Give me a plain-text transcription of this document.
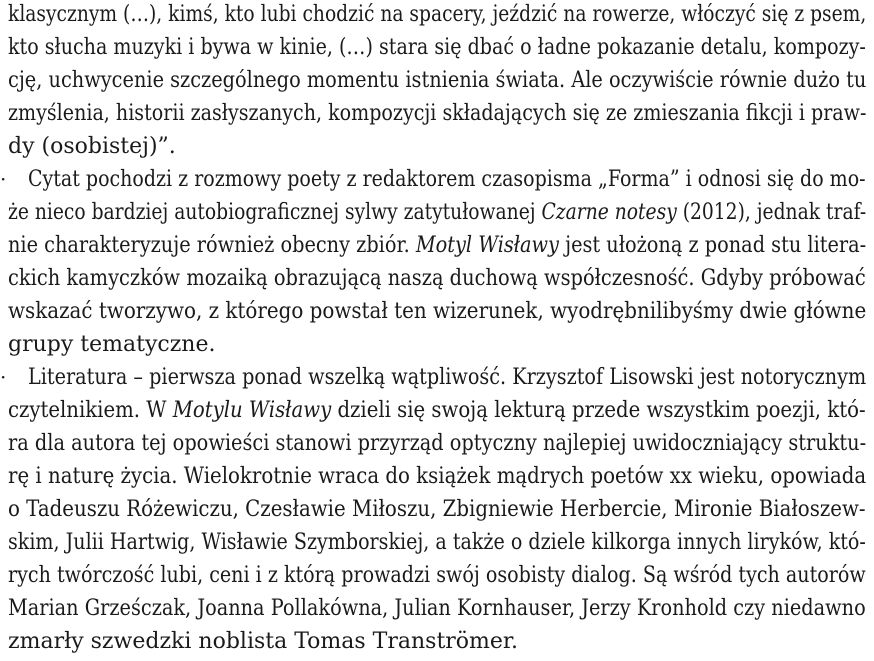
klasycznym (…), kimś, kto lubi chodzić na spacery, jeździć na rowerze, włóczyć się z psem,
kto słucha muzyki i bywa w kinie, (…) stara się dbać o ładne pokazanie detalu, kompozy-
cję, uchwycenie szczególnego momentu istnienia świata. Ale oczywiście równie dużo tu
zmyślenia, historii zasłyszanych, kompozycji składających się ze zmieszania fikcji i praw-
dy (osobistej)”.
· Cytat pochodzi z rozmowy poety z redaktorem czasopisma „Forma” i odnosi się do mo-
że nieco bardziej autobiograficznej sylwy zatytułowanej Czarne notesy (2012), jednak traf-
nie charakteryzuje również obecny zbiór. Motyl Wisławy jest ułożoną z ponad stu litera-
ckich kamyczków mozaiką obrazującą naszą duchową współczesność. Gdyby próbować
wskazać tworzywo, z którego powstał ten wizerunek, wyodrębnilibyśmy dwie główne
grupy tematyczne.
· Literatura – pierwsza ponad wszelką wątpliwość. Krzysztof Lisowski jest notorycznym
czytelnikiem. W Motylu Wisławy dzieli się swoją lekturą przede wszystkim poezji, któ-
ra dla autora tej opowieści stanowi przyrząd optyczny najlepiej uwidoczniający struktu-
rę i naturę życia. Wielokrotnie wraca do książek mądrych poetów xx wieku, opowiada
o Tadeuszu Różewiczu, Czesławie Miłoszu, Zbigniewie Herbercie, Mironie Białoszew-
skim, Julii Hartwig, Wisławie Szymborskiej, a także o dziele kilkorga innych liryków, któ-
rych twórczość lubi, ceni i z którą prowadzi swój osobisty dialog. Są wśród tych autorów
Marian Grześczak, Joanna Pollakówna, Julian Kornhauser, Jerzy Kronhold czy niedawno
zmarły szwedzki noblista Tomas Tranströmer.
